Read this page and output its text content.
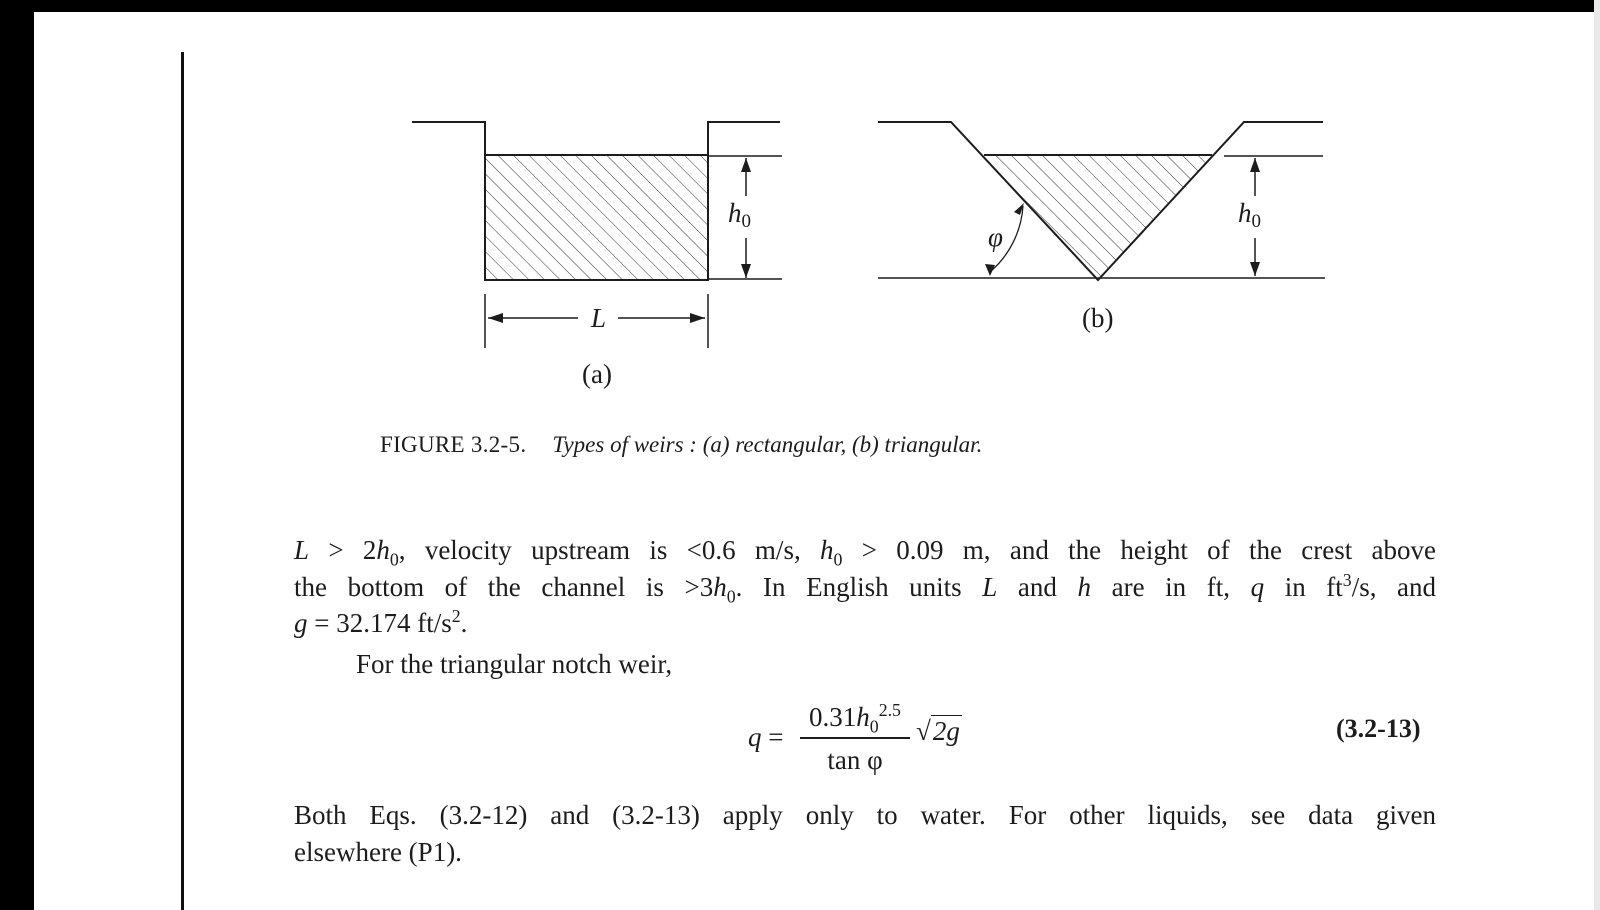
h0
L
(a)
h0
φ
(b)
FIGURE 3.2-5. Types of weirs : (a) rectangular, (b) triangular.
$L > 2h_0$, velocity upstream is <0.6 m/s, $h_0 > 0.09$ m, and the height of the crest above
the bottom of the channel is $>3h_0$. In English units L and h are in ft, q in $ft^3/s$, and
g = 32.174 $ft/s^2$.
For the triangular notch weir,
q =
$0.31h_0^{2.5}$
tan φ
√2g	(3.2-13)
Both Eqs. (3.2-12) and (3.2-13) apply only to water. For other liquids, see data given
elsewhere (P1).
